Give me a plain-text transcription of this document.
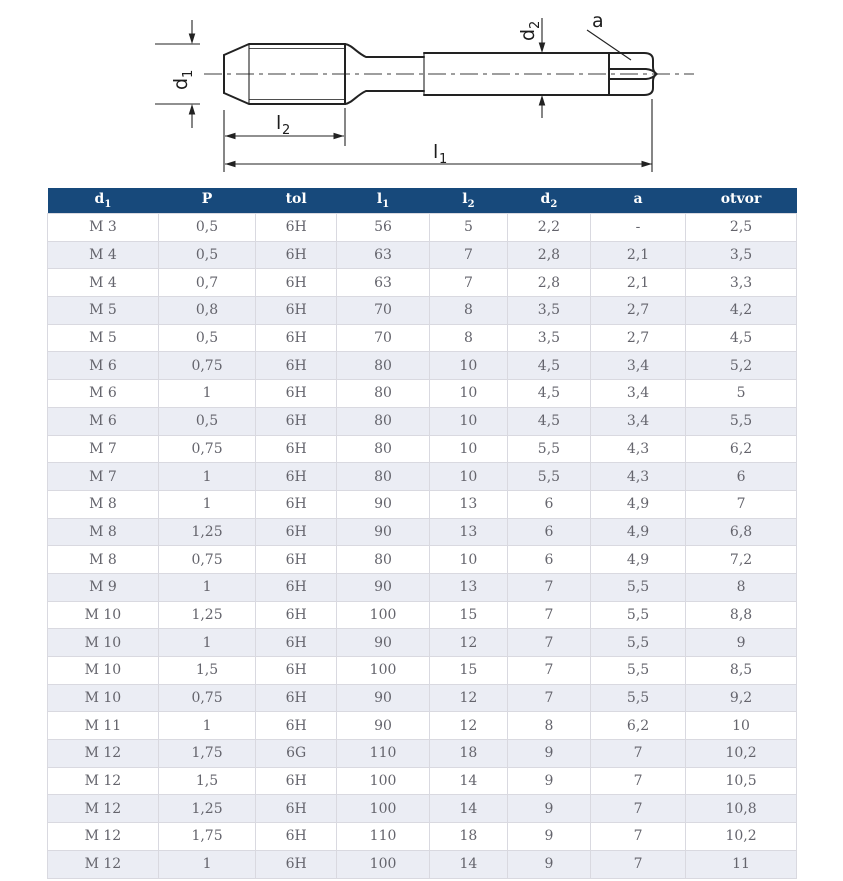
d
1
d
2	a
l 2
l 1
$d_1$	P	tol	$l_1$	$l_2$	$d_2$	a	otvor
M 3	0,5	6H	56	5	2,2	-	2,5
M 4	0,5	6H	63	7	2,8	2,1	3,5
M 4	0,7	6H	63	7	2,8	2,1	3,3
M 5	0,8	6H	70	8	3,5	2,7	4,2
M 5	0,5	6H	70	8	3,5	2,7	4,5
M 6	0,75	6H	80	10	4,5	3,4	5,2
M 6	1	6H	80	10	4,5	3,4	5
M 6	0,5	6H	80	10	4,5	3,4	5,5
M 7	0,75	6H	80	10	5,5	4,3	6,2
M 7	1	6H	80	10	5,5	4,3	6
M 8	1	6H	90	13	6	4,9	7
M 8	1,25	6H	90	13	6	4,9	6,8
M 8	0,75	6H	80	10	6	4,9	7,2
M 9	1	6H	90	13	7	5,5	8
M 10	1,25	6H	100	15	7	5,5	8,8
M 10	1	6H	90	12	7	5,5	9
M 10	1,5	6H	100	15	7	5,5	8,5
M 10	0,75	6H	90	12	7	5,5	9,2
M 11	1	6H	90	12	8	6,2	10
M 12	1,75	6G	110	18	9	7	10,2
M 12	1,5	6H	100	14	9	7	10,5
M 12	1,25	6H	100	14	9	7	10,8
M 12	1,75	6H	110	18	9	7	10,2
M 12	1	6H	100	14	9	7	11
